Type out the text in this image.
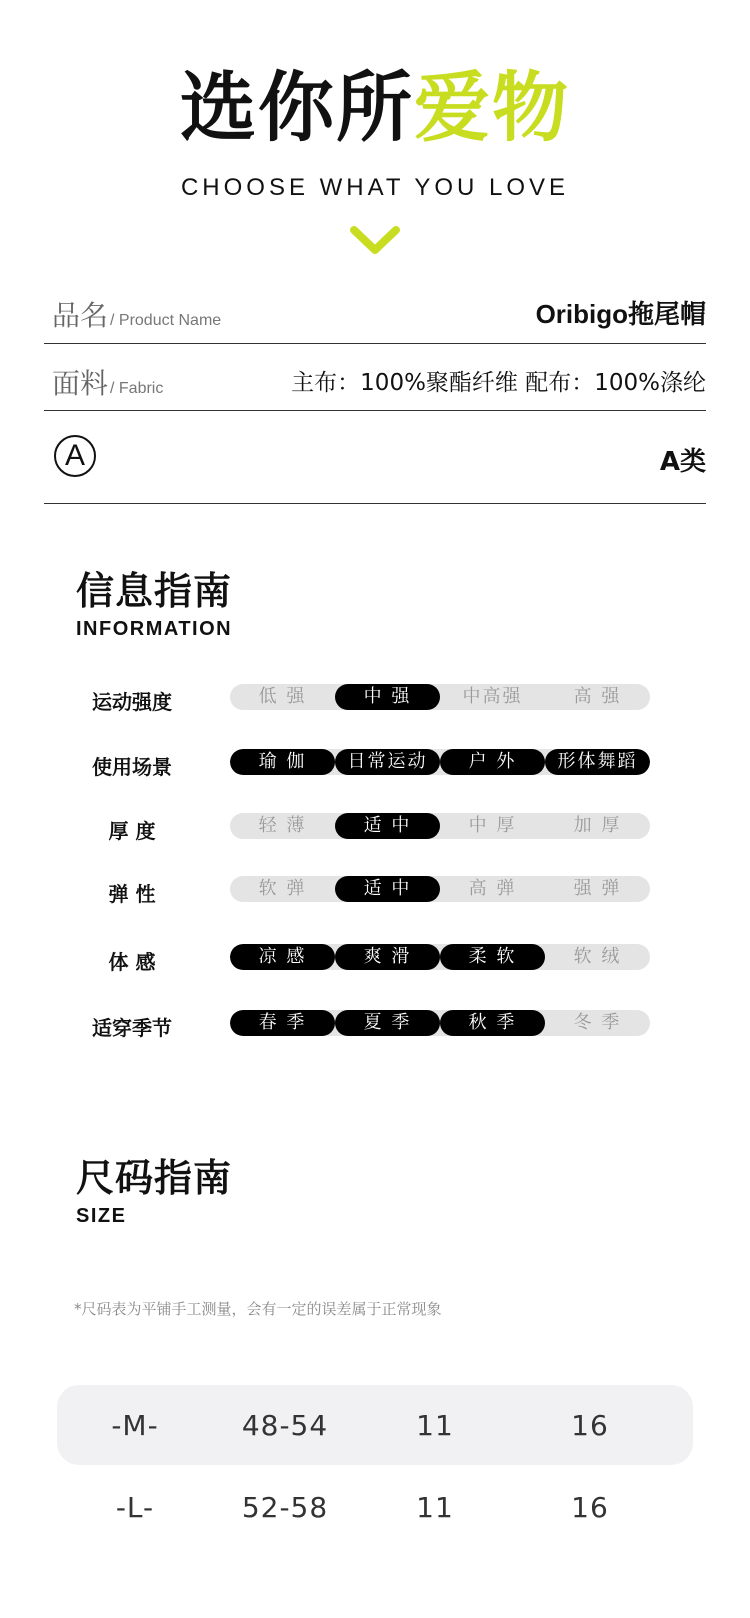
选你所爱物
CHOOSE WHAT YOU LOVE
品名 / Product Name	Oribigo拖尾帽
面料 / Fabric	主布：100%聚酯纤维 配布：100%涤纶
A	A类
信息指南
INFORMATION
运动强度	低 强	中 强	中高强	高 强
使用场景	瑜 伽	日常运动	户 外	形体舞蹈
厚 度	轻 薄	适 中	中 厚	加 厚
弹 性	软 弹	适 中	高 弹	强 弹
体 感	凉 感	爽 滑	柔 软	软 绒
适穿季节	春 季	夏 季	秋 季	冬 季
尺码指南
SIZE
*尺码表为平铺手工测量，会有一定的误差属于正常现象
-M-	48-54	11	16
-L-	52-58	11	16
